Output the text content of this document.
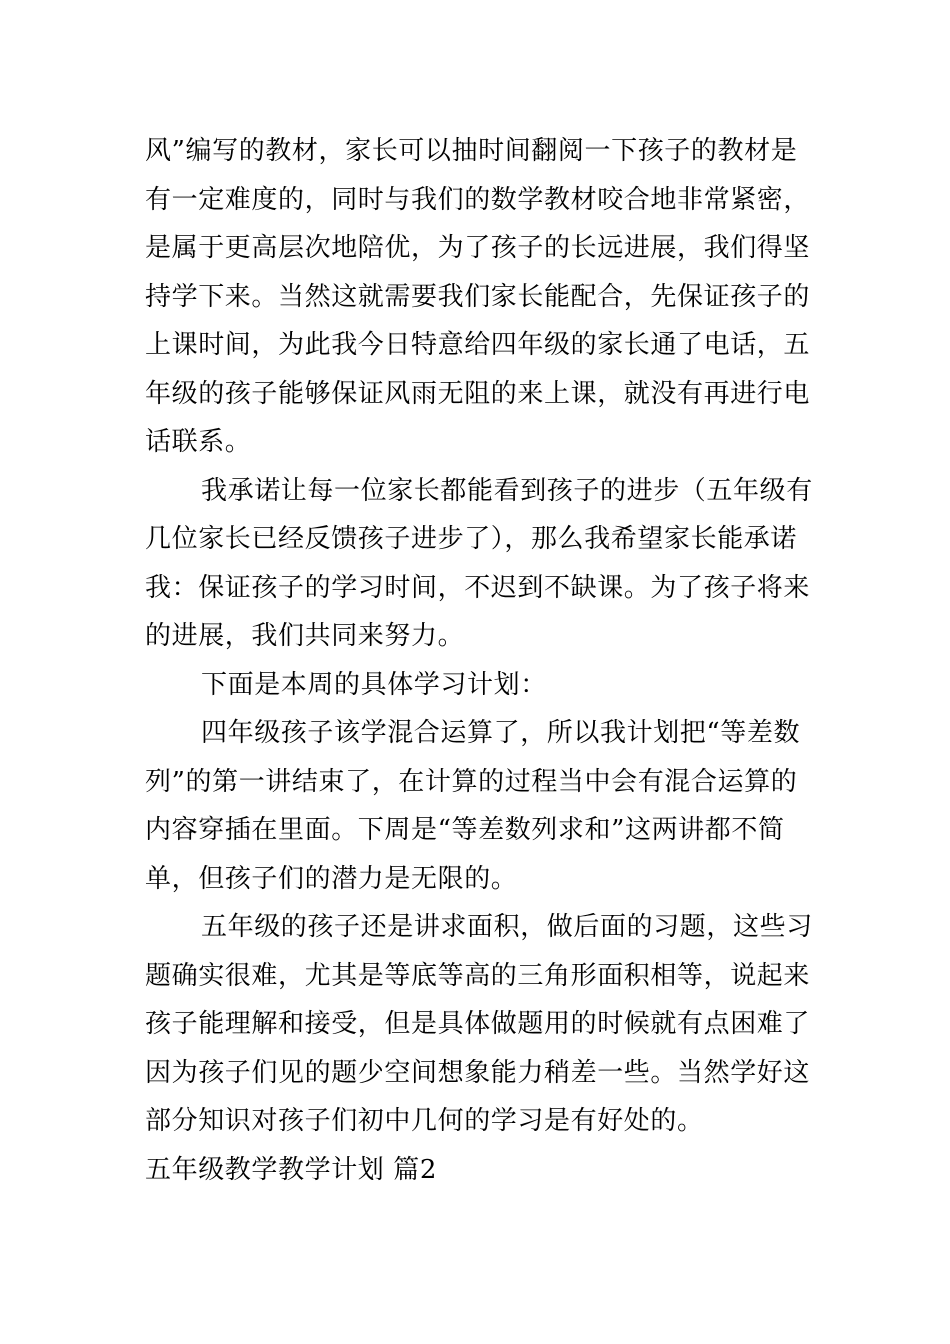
风”编写的教材，家长可以抽时间翻阅一下孩子的教材是
有一定难度的，同时与我们的数学教材咬合地非常紧密，
是属于更高层次地陪优，为了孩子的长远进展，我们得坚
持学下来。当然这就需要我们家长能配合，先保证孩子的
上课时间，为此我今日特意给四年级的家长通了电话，五
年级的孩子能够保证风雨无阻的来上课，就没有再进行电
话联系。

我承诺让每一位家长都能看到孩子的进步（五年级有
几位家长已经反馈孩子进步了），那么我希望家长能承诺
我：保证孩子的学习时间，不迟到不缺课。为了孩子将来
的进展，我们共同来努力。

下面是本周的具体学习计划：

四年级孩子该学混合运算了，所以我计划把“等差数
列”的第一讲结束了，在计算的过程当中会有混合运算的
内容穿插在里面。下周是“等差数列求和”这两讲都不简
单，但孩子们的潜力是无限的。

五年级的孩子还是讲求面积，做后面的习题，这些习
题确实很难，尤其是等底等高的三角形面积相等，说起来
孩子能理解和接受，但是具体做题用的时候就有点困难了
因为孩子们见的题少空间想象能力稍差一些。当然学好这
部分知识对孩子们初中几何的学习是有好处的。

五年级教学教学计划 篇2
